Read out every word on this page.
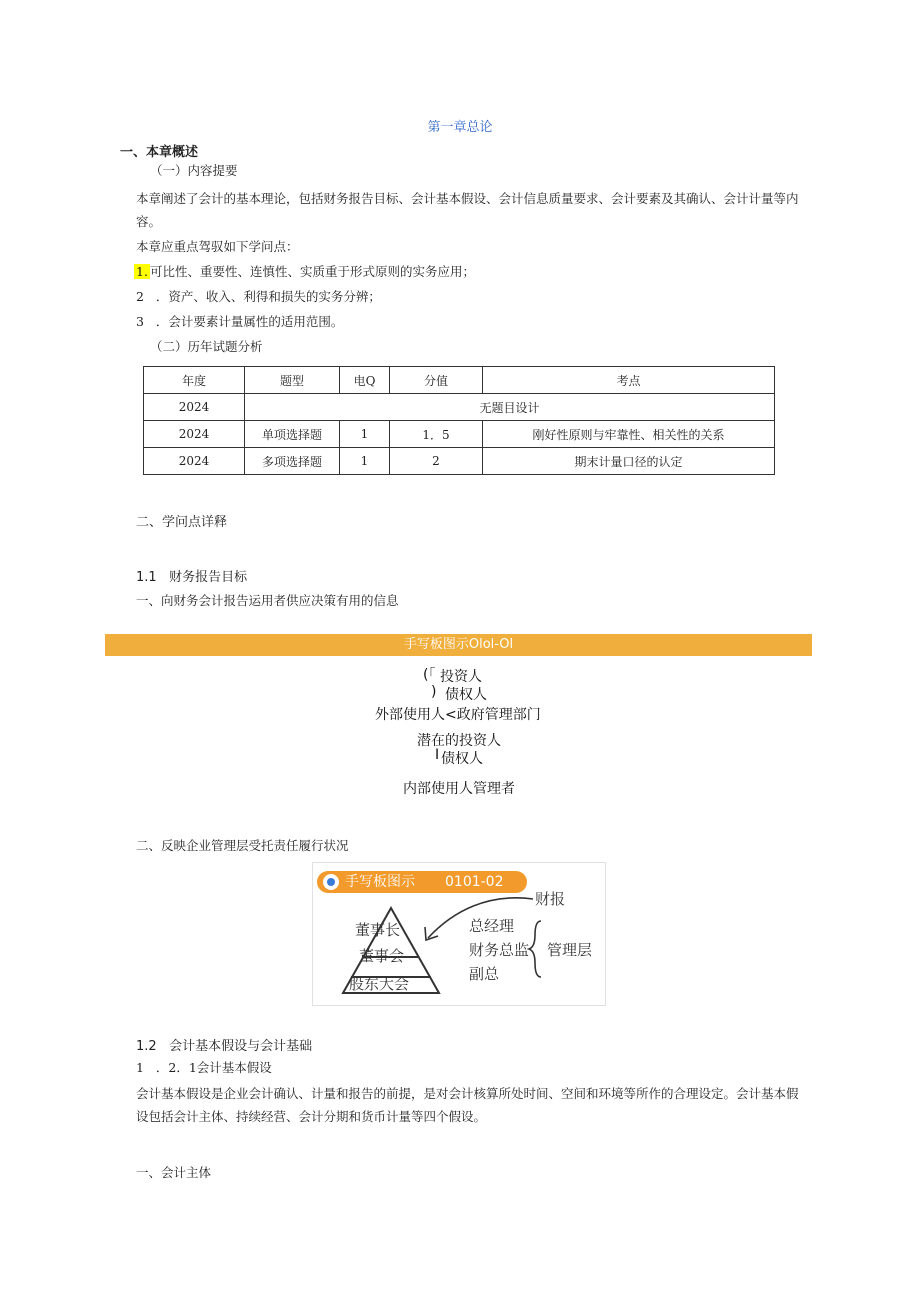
第一章总论
一、本章概述
（一）内容提要
本章阐述了会计的基本理论，包括财务报告目标、会计基本假设、会计信息质量要求、会计要素及其确认、会计计量等内容。
本章应重点驾驭如下学问点：
1. 可比性、重要性、连慎性、实质重于形式原则的实务应用；
2 ．资产、收入、利得和损失的实务分辨；
3 ．会计要素计量属性的适用范围。
（二）历年试题分析
年度	题型	电Q	分值	考点
2024	无题目设计			
2024	单项选择题	1	1．5	刚好性原则与牢靠性、相关性的关系
2024	多项选择题	1	2	期末计量口径的认定
二、学问点详释
1.1 财务报告目标
一、向财务会计报告运用者供应决策有用的信息
手写板图示Olol-Ol
(「 投资人
) 债权人
外部使用人<政府管理部门
潜在的投资人
I 债权人
内部使用人管理者
二、反映企业管理层受托责任履行状况
手写板图示 0101-02
财报
董事长
董事会
股东大会
总经理
财务总监
副总
管理层
1.2 会计基本假设与会计基础
1 ．2．1会计基本假设
会计基本假设是企业会计确认、计量和报告的前提，是对会计核算所处时间、空间和环境等所作的合理设定。会计基本假设包括会计主体、持续经营、会计分期和货币计量等四个假设。
一、会计主体
